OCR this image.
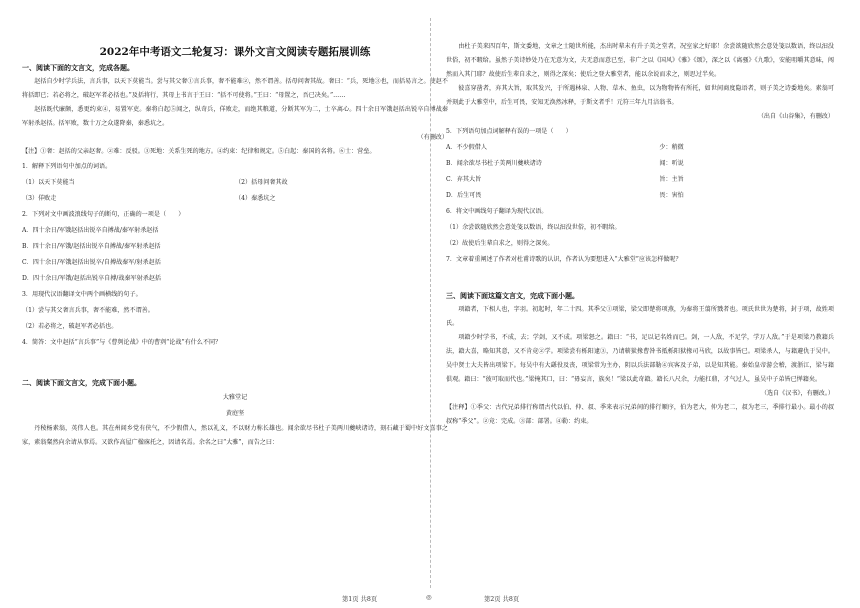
2022年中考语文二轮复习：课外文言文阅读专题拓展训练
一、阅读下面的文言文，完成各题。

赵括自少时学兵法，言兵事，以天下莫能当。尝与其父奢①言兵事，奢不能难②，然不谓善。括母问奢其故。奢曰：“兵，死地③也，而括易言之。使赵不将括即已；若必将之，破赵军者必括也。”及括将行，其母上书言于王曰：“括不可使将。”王曰：“母置之，吾已决矣。”……

赵括既代廉颇，悉更约束④，易置军吏。秦将白起⑤闻之，纵奇兵，佯败走，而绝其粮道，分断其军为二，士卒离心。四十余日军饿赵括出锐卒自搏战秦军射杀赵括。括军败，数十万之众遂降秦，秦悉坑之。

（有删改）

【注】①奢：赵括的父亲赵奢。②难：反驳。③死地：关系生死的地方。④约束：纪律和规定。⑤白起：秦国的名将。⑥士：营垒。

1．解释下列语句中加点的词语。

（1）以天下莫能当
（3）佯败走
（2）括母问奢其故
（4）秦悉坑之

2．下列对文中画波浪线句子的断句，正确的一项是（　　）

A．四十余日/军饿赵括出锐卒自搏战/秦军射杀赵括

B．四十余日/军饿/赵括出锐卒自搏战/秦军射杀赵括

C．四十余日/军饿赵括出锐卒/自搏战秦军/射杀赵括

D．四十余日/军饿/赵括出锐卒自搏/战秦军射杀赵括

3．用现代汉语翻译文中两个画横线的句子。

（1）尝与其父奢言兵事，奢不能难，然不谓善。

（2）若必将之，破赵军者必括也。

4．简答：文中赵括“言兵事”与《曹刿论战》中的曹刿“论战”有什么不同？

二、阅读下面文言文，完成下面小题。

大雅堂记

黄庭坚

丹稜杨素翁，英伟人也。其在州闾乡党有侠气，不少假借人，然以礼义，不以财力称长雄也。闻余欲尽书杜子美两川夔峡诸诗，刻石藏于蜀中好文喜事之家，素翁粲然向余请从事焉。又欲作高屋广楹庥托之，因请名焉。余名之曰“大雅”，而告之曰：

由杜子美来四百年，斯文委地，文章之士随世所能，杰出时辈未有升子美之堂者，况室家之好耶！余尝欲随欣然会意处笺以数语，终以汩没世俗，初不暇给。虽然子美诗妙处乃在无意为文，夫无意而意已至，非广之以《国风》《雅》《颂》，深之以《离骚》《九歌》，安能咀嚼其意味，闯然而入其门耶？故使后生辈自求之，则得之深矣；使后之登大雅堂者，能以余说而求之，则思过半矣。

彼喜穿凿者，弃其大旨，取其发兴，于所遇林泉、人物、草木、鱼虫，以为物物皆有所托，如世间商度隐语者，则子美之诗委地矣。素翁可并刻此于大雅堂中，后生可畏，安知无涣然冰释，于斯文者乎！元符三年九月涪翁书。

（出自《山谷集》，有删改）

5．下列语句加点词解释有误的一项是（　　）

A．不少假借人
B．闻余欲尽书杜子美两川夔峡诸诗
C．弃其大旨
D．后生可畏
少：稍微
闻：听说
旨：主旨
畏：害怕

6．将文中画线句子翻译为现代汉语。

（1）余尝欲随欣然会意处笺以数语，终以汩没世俗，初不暇给。

（2）故使后生辈自求之，则得之深矣。

7．文章着重阐述了作者对杜甫诗歌的认识，作者认为要想进入“大雅堂”应该怎样做呢？

三、阅读下面这篇文言文，完成下面小题。

项籍者，下相人也，字羽。初起时，年二十四。其季父①项梁，梁父即楚将项燕，为秦将王翦所戮者也。项氏世世为楚将，封于项，故姓项氏。

项籍少时学书，不成，去；学剑，又不成。项梁怒之。籍曰：“书，足以记名姓而已。剑，一人敌，不足学，学万人敌。”于是项梁乃教籍兵法，籍大喜，略知其意，又不肯竟②学。项梁尝有栎阳逮③，乃请蕲狱掾曹咎书抵栎阳狱掾司马欣，以故事皆已。项梁杀人，与籍避仇于吴中。吴中贤士大夫皆出项梁下。每吴中有大繇役及丧，项梁常为主办，阴以兵法部勒④宾客及子弟，以是知其能。秦始皇帝游会稽，渡浙江，梁与籍俱观。籍曰：“彼可取而代也。”梁掩其口，曰：“毋妄言，族矣！”梁以此奇籍。籍长八尺余，力能扛鼎，才气过人，虽吴中子弟皆已惮籍矣。

（选自《汉书》，有删改。）

【注释】①季父：古代兄弟排行称谓古代以伯、仲、叔、季来表示兄弟间的排行顺序，伯为老大，仲为老二，叔为老三，季排行最小。最小的叔叔称“季父”。②竟：完成。③部：部署。④勒：约束。

第1页 共8页	◎	第2页 共8页
